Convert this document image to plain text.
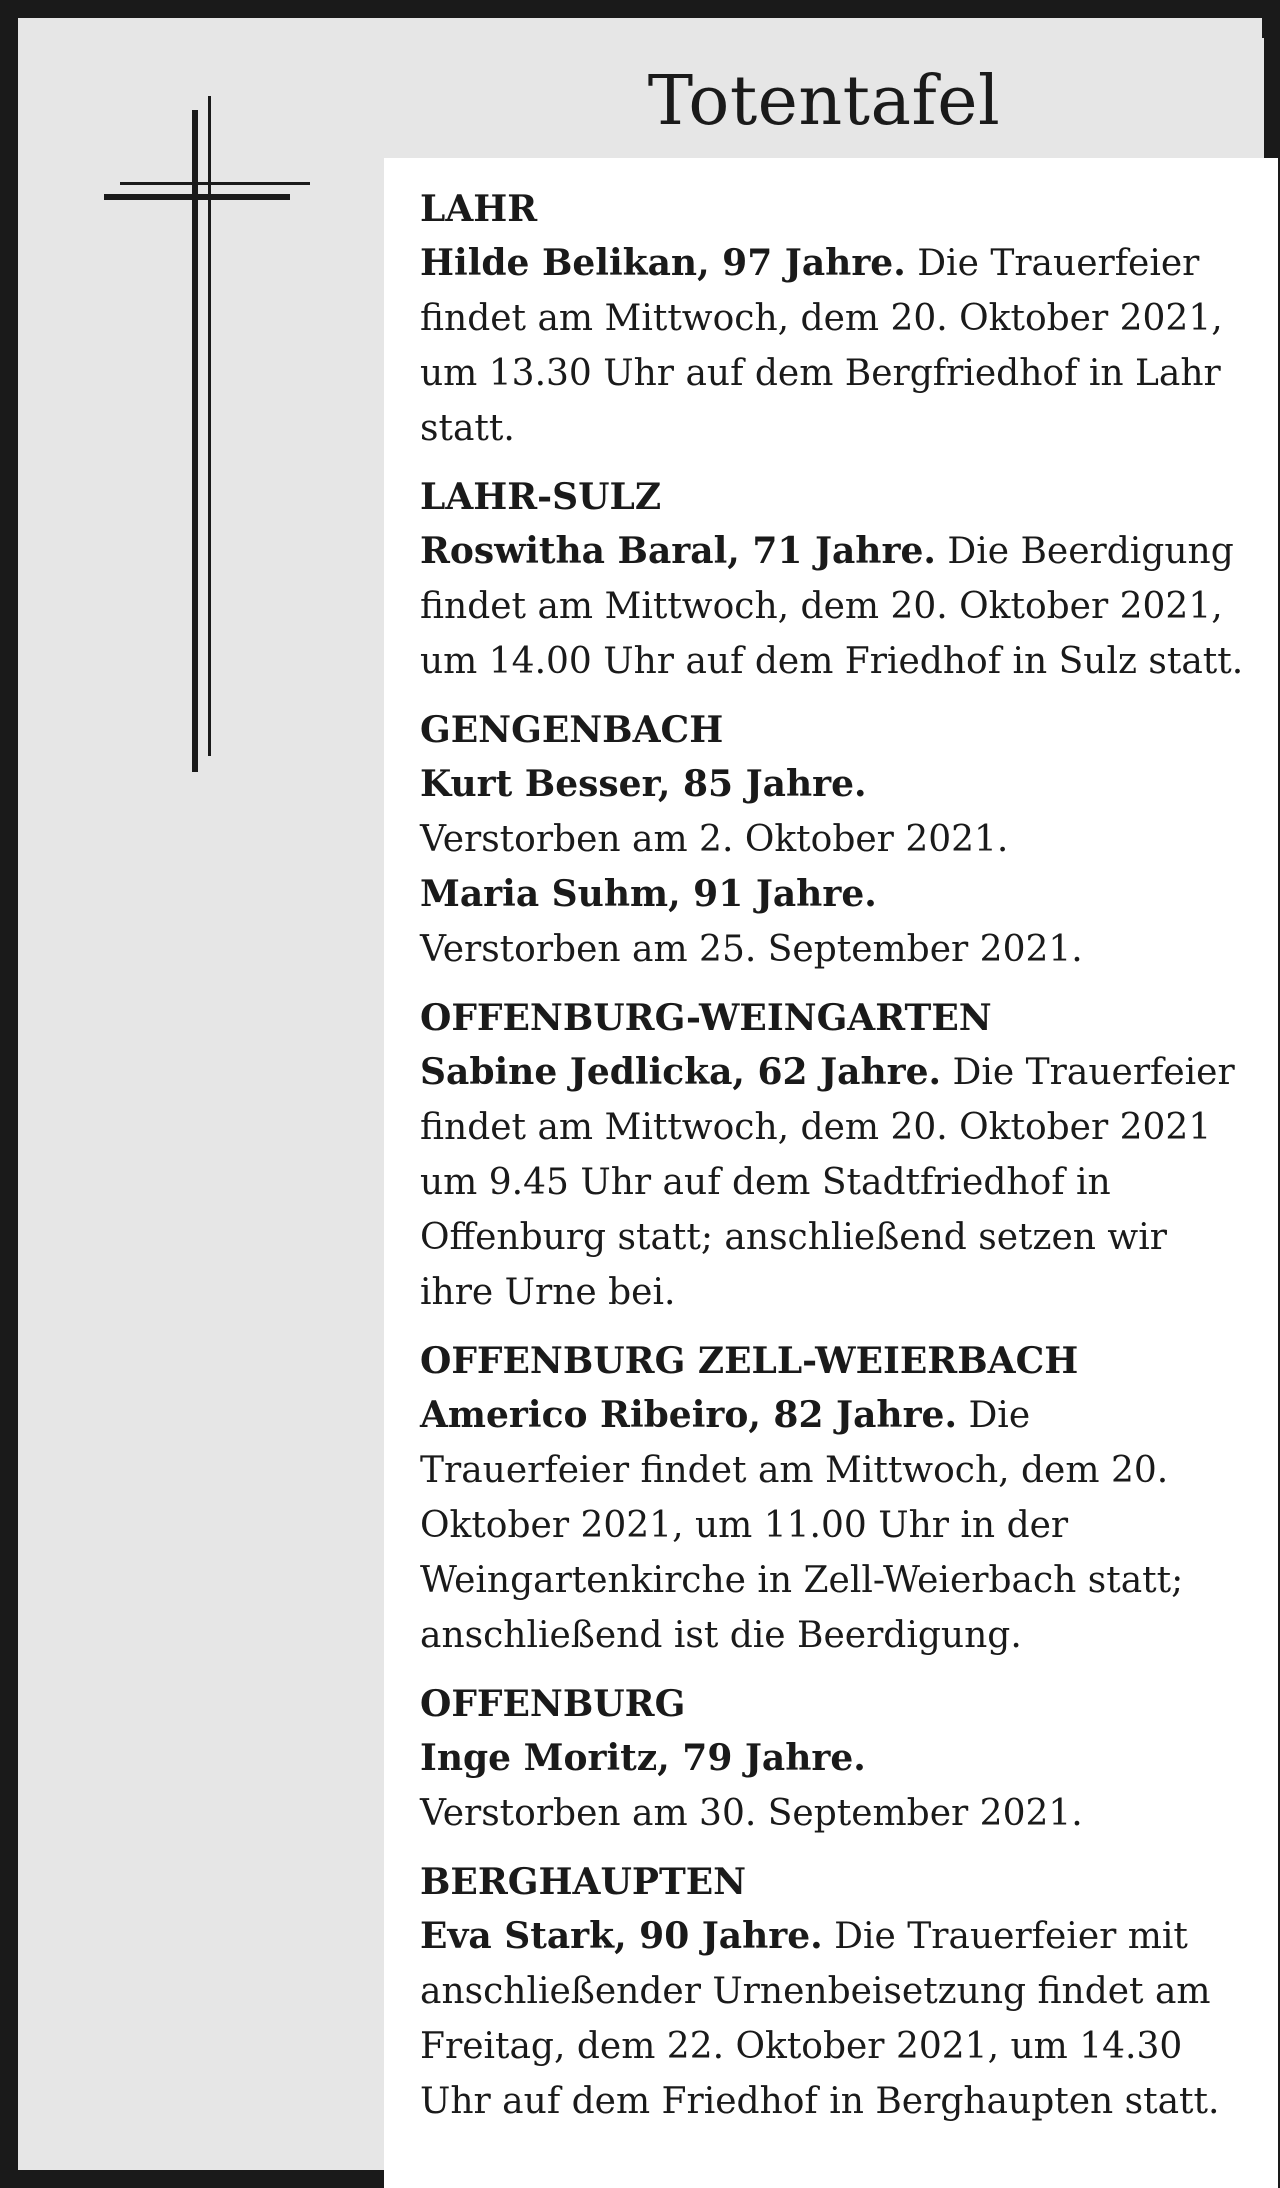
Totentafel
LAHR
Hilde Belikan, 97 Jahre. Die Trauerfeier findet am Mittwoch, dem 20. Oktober 2021, um 13.30 Uhr auf dem Bergfriedhof in Lahr statt.
LAHR-SULZ
Roswitha Baral, 71 Jahre. Die Beerdigung findet am Mittwoch, dem 20. Oktober 2021, um 14.00 Uhr auf dem Friedhof in Sulz statt.
GENGENBACH
Kurt Besser, 85 Jahre.
Verstorben am 2. Oktober 2021.
Maria Suhm, 91 Jahre.
Verstorben am 25. September 2021.
OFFENBURG-WEINGARTEN
Sabine Jedlicka, 62 Jahre. Die Trauerfeier findet am Mittwoch, dem 20. Oktober 2021 um 9.45 Uhr auf dem Stadtfriedhof in Offenburg statt; anschließend setzen wir ihre Urne bei.
OFFENBURG ZELL-WEIERBACH
Americo Ribeiro, 82 Jahre. Die Trauerfeier findet am Mittwoch, dem 20. Oktober 2021, um 11.00 Uhr in der Weingartenkirche in Zell-Weierbach statt; anschließend ist die Beerdigung.
OFFENBURG
Inge Moritz, 79 Jahre.
Verstorben am 30. September 2021.
BERGHAUPTEN
Eva Stark, 90 Jahre. Die Trauerfeier mit anschließender Urnenbeisetzung findet am Freitag, dem 22. Oktober 2021, um 14.30 Uhr auf dem Friedhof in Berghaupten statt.
